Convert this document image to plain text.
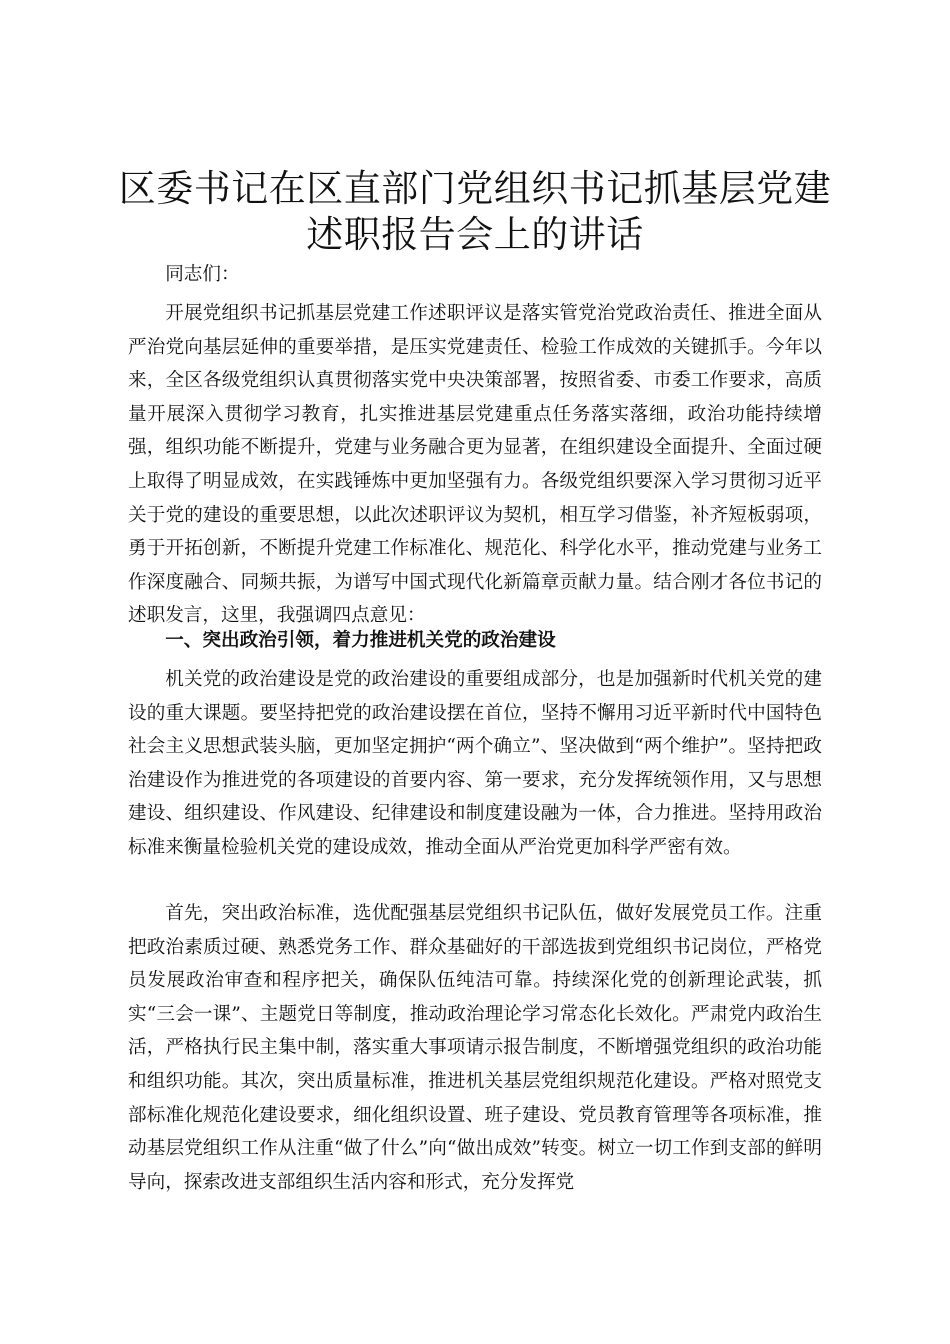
区委书记在区直部门党组织书记抓基层党建述职报告会上的讲话

同志们：

开展党组织书记抓基层党建工作述职评议是落实管党治党政治责任、推进全面从严治党向基层延伸的重要举措，是压实党建责任、检验工作成效的关键抓手。今年以来，全区各级党组织认真贯彻落实党中央决策部署，按照省委、市委工作要求，高质量开展深入贯彻学习教育，扎实推进基层党建重点任务落实落细，政治功能持续增强，组织功能不断提升，党建与业务融合更为显著，在组织建设全面提升、全面过硬上取得了明显成效，在实践锤炼中更加坚强有力。各级党组织要深入学习贯彻习近平关于党的建设的重要思想，以此次述职评议为契机，相互学习借鉴，补齐短板弱项，勇于开拓创新，不断提升党建工作标准化、规范化、科学化水平，推动党建与业务工作深度融合、同频共振，为谱写中国式现代化新篇章贡献力量。结合刚才各位书记的述职发言，这里，我强调四点意见：

一、突出政治引领，着力推进机关党的政治建设

机关党的政治建设是党的政治建设的重要组成部分，也是加强新时代机关党的建设的重大课题。要坚持把党的政治建设摆在首位，坚持不懈用习近平新时代中国特色社会主义思想武装头脑，更加坚定拥护“两个确立”、坚决做到“两个维护”。坚持把政治建设作为推进党的各项建设的首要内容、第一要求，充分发挥统领作用，又与思想建设、组织建设、作风建设、纪律建设和制度建设融为一体，合力推进。坚持用政治标准来衡量检验机关党的建设成效，推动全面从严治党更加科学严密有效。

首先，突出政治标准，选优配强基层党组织书记队伍，做好发展党员工作。注重把政治素质过硬、熟悉党务工作、群众基础好的干部选拔到党组织书记岗位，严格党员发展政治审查和程序把关，确保队伍纯洁可靠。持续深化党的创新理论武装，抓实“三会一课”、主题党日等制度，推动政治理论学习常态化长效化。严肃党内政治生活，严格执行民主集中制，落实重大事项请示报告制度，不断增强党组织的政治功能和组织功能。其次，突出质量标准，推进机关基层党组织规范化建设。严格对照党支部标准化规范化建设要求，细化组织设置、班子建设、党员教育管理等各项标准，推动基层党组织工作从注重“做了什么”向“做出成效”转变。树立一切工作到支部的鲜明导向，探索改进支部组织生活内容和形式，充分发挥党
